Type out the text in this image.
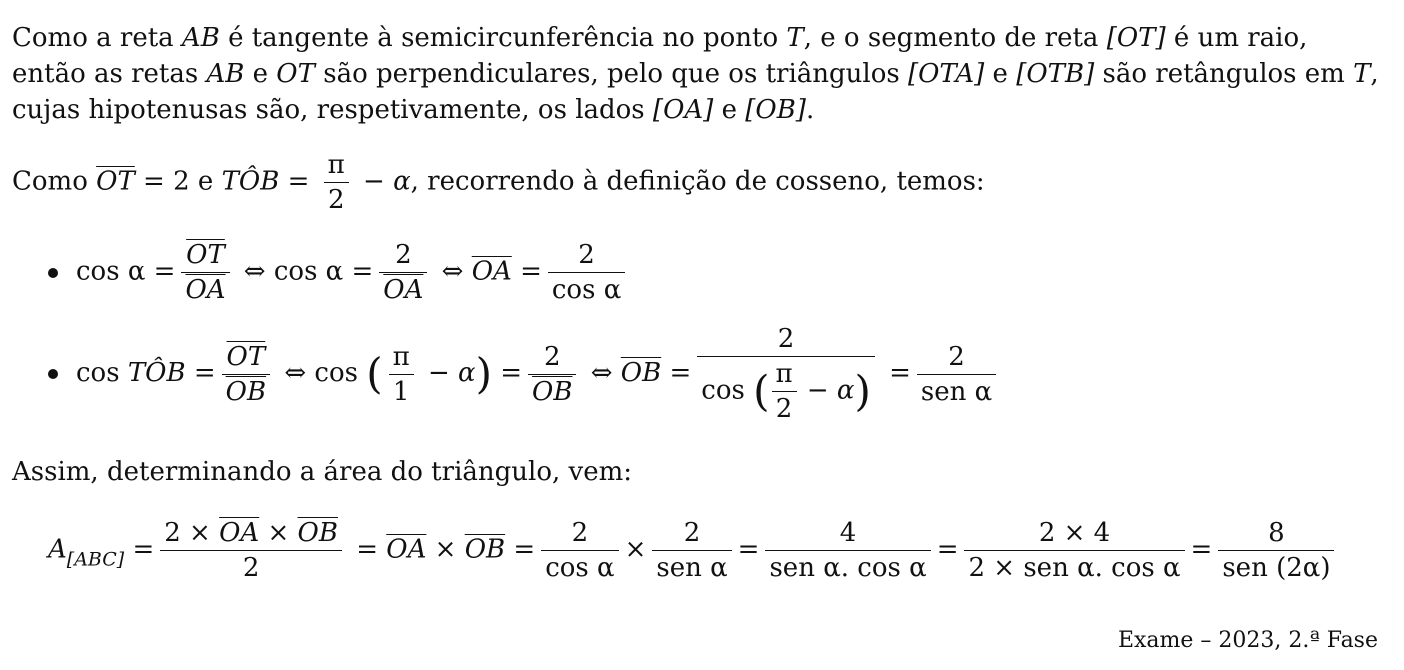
Como a reta AB é tangente à semicircunferência no ponto T, e o segmento de reta [OT] é um raio, então as retas AB e OT são perpendiculares, pelo que os triângulos [OTA] e [OTB] são retângulos em T, cujas hipotenusas são, respetivamente, os lados [OA] e [OB].

Como $\overline{OT} = 2$ e TÔB = $\frac{\pi}{2} - \alpha$, recorrendo à definição de cosseno, temos:
$\cos \alpha = \frac{\overline{OT}}{OA}$ ⇔ $\cos \alpha = \frac{2}{OA}$ ⇔ $\overline{OA} = \frac{2}{\text{cos α}}$
cos TÔB = $\frac{\overline{OT}}{OB}$ ⇔ cos ( $\frac{\pi}{1} - \alpha) = \frac{2}{OB}$ ⇔ $\overline{OB} = \frac{2}{\cos ( \frac{\pi}{2} - \alpha)} = \frac{2}{\text{sen α}}$
Assim, determinando a área do triângulo, vem:
$A_{[ABC]} = \frac{2 \times \overline{OA} \times \overline{OB}}{2} = \overline{OA} \times \overline{OB} = \frac{2}{\text{cos α}} \times \frac{2}{\text{sen α}} = \frac{4}{\text{sen α. cos α}} = \frac{2 \times 4}{\text{2 × sen α. cos α}} = \frac{8}{\text{sen (2α)}}$
Exame – 2023, 2.ª Fase
